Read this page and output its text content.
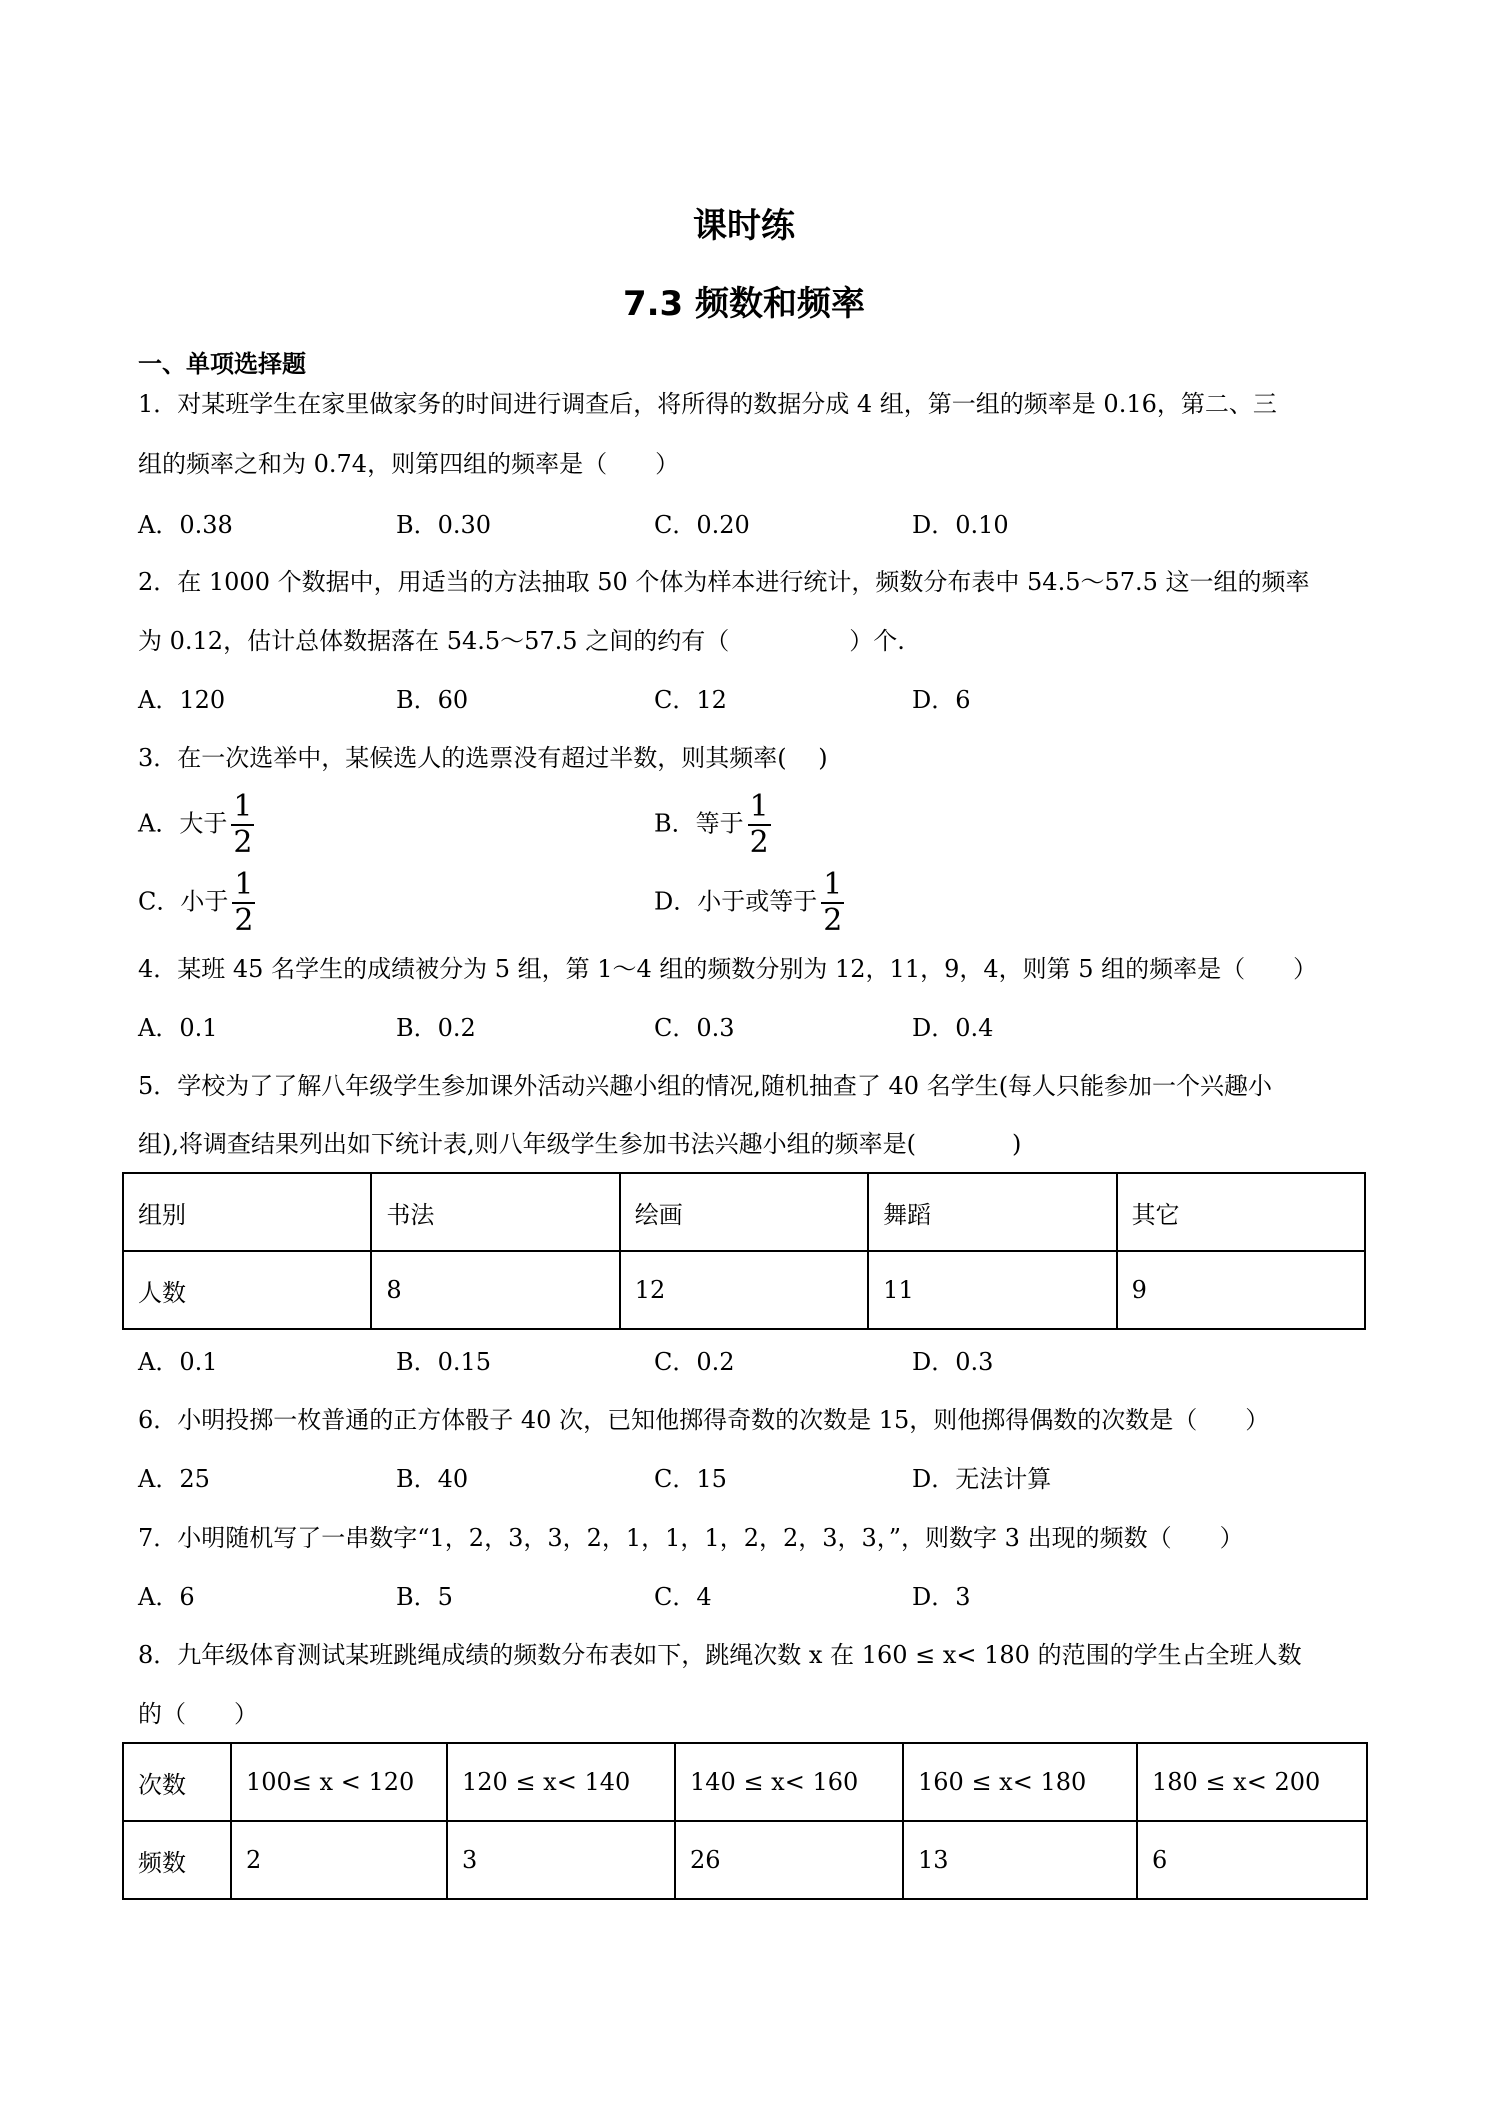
课时练
7.3 频数和频率
一、单项选择题
1．对某班学生在家里做家务的时间进行调查后，将所得的数据分成 4 组，第一组的频率是 0.16，第二、三
组的频率之和为 0.74，则第四组的频率是（　　）
A．0.38	B．0.30	C．0.20	D．0.10
2．在 1000 个数据中，用适当的方法抽取 50 个体为样本进行统计，频数分布表中 54.5～57.5 这一组的频率
为 0.12，估计总体数据落在 54.5～57.5 之间的约有（　　　　　）个.
A．120	B．60	C．12	D．6
3．在一次选举中，某候选人的选票没有超过半数，则其频率(　 )
A．大于 $\frac{1}{2}$	B．等于 $\frac{1}{2}$
C．小于 $\frac{1}{2}$	D．小于或等于 $\frac{1}{2}$
4．某班 45 名学生的成绩被分为 5 组，第 1～4 组的频数分别为 12，11，9，4，则第 5 组的频率是（　　）
A．0.1	B．0.2	C．0.3	D．0.4
5．学校为了了解八年级学生参加课外活动兴趣小组的情况,随机抽查了 40 名学生(每人只能参加一个兴趣小
组),将调查结果列出如下统计表,则八年级学生参加书法兴趣小组的频率是(　　　　)
组别	书法	绘画	舞蹈	其它
人数	8	12	11	9
A．0.1	B．0.15	C．0.2	D．0.3
6．小明投掷一枚普通的正方体骰子 40 次，已知他掷得奇数的次数是 15，则他掷得偶数的次数是（　　）
A．25	B．40	C．15	D．无法计算
7．小明随机写了一串数字“1，2，3，3，2，1，1，1，2，2，3，3，”，则数字 3 出现的频数（　　）
A．6	B．5	C．4	D．3
8．九年级体育测试某班跳绳成绩的频数分布表如下，跳绳次数 x 在 160 ≤ x< 180 的范围的学生占全班人数
的（　　）
次数	100≤ x < 120	120 ≤ x< 140	140 ≤ x< 160	160 ≤ x< 180	180 ≤ x< 200
频数	2	3	26	13	6
